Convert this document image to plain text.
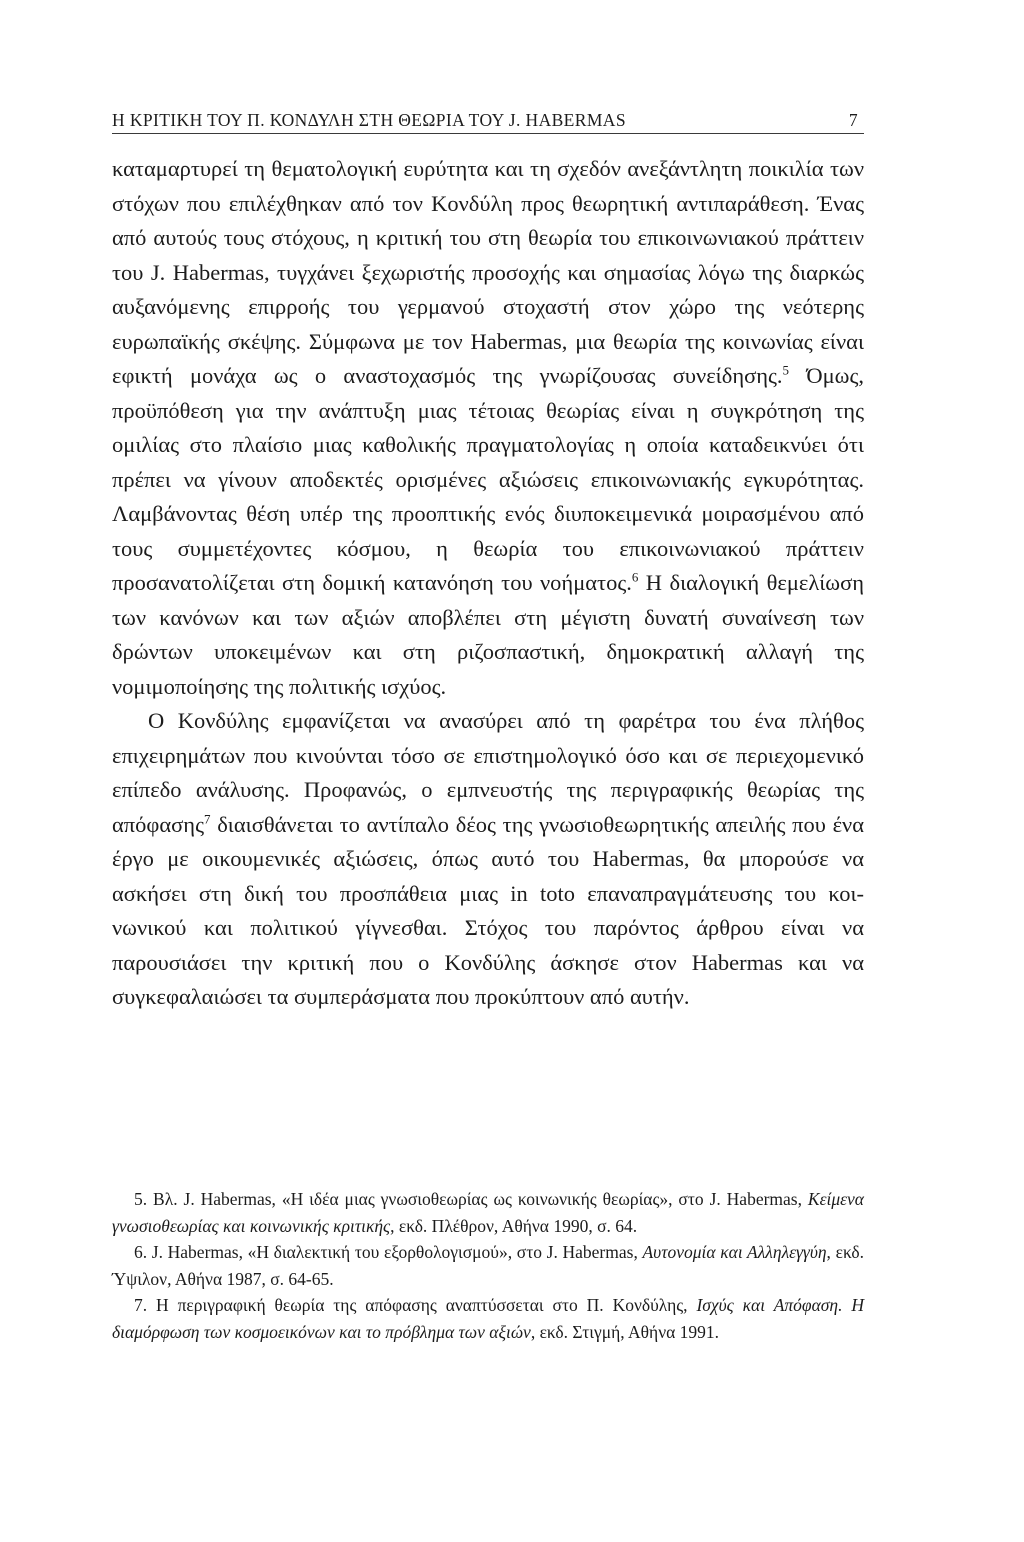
Η ΚΡΙΤΙΚΗ ΤΟΥ Π. ΚΟΝΔΥΛΗ ΣΤΗ ΘΕΩΡΙΑ ΤΟΥ J. HABERMAS	7

καταμαρτυρεί τη θεματολογική ευρύτητα και τη σχεδόν ανεξάντλητη ποικιλία των στόχων που επιλέχθηκαν από τον Κονδύλη προς θεωρητική αντιπαράθεση. Ένας από αυτούς τους στόχους, η κριτική του στη θεωρία του επικοινωνιακού πράττειν του J. Habermas, τυγχάνει ξεχωριστής προσοχής και σημασίας λόγω της διαρκώς αυξανόμενης επιρροής του γερμανού στοχαστή στον χώρο της νεότερης ευρωπαϊκής σκέψης. Σύμφωνα με τον Habermas, μια θεωρία της κοινωνίας είναι εφικτή μονάχα ως ο αναστοχασμός της γνωρίζουσας συνείδησης.$^5$ Όμως, προϋπόθεση για την ανάπτυξη μιας τέτοιας θεωρίας είναι η συγκρότηση της ομιλίας στο πλαίσιο μιας καθολικής πραγματολογίας η οποία καταδεικνύει ότι πρέπει να γίνουν αποδεκτές ορισμένες αξιώσεις επικοινωνιακής εγκυρότητας. Λαμβάνοντας θέση υπέρ της προοπτικής ενός διυποκειμενικά μοιρασμένου από τους συμμετέχοντες κόσμου, η θεωρία του επικοινωνιακού πράττειν προσανατολίζεται στη δομική κατανόηση του νοήματος.$^6$ Η διαλογική θεμελίωση των κανόνων και των αξιών αποβλέπει στη μέγιστη δυνατή συναίνεση των δρώντων υποκειμένων και στη ριζοσπαστική, δημοκρατική αλλαγή της νομιμοποίησης της πολιτικής ισχύος.

Ο Κονδύλης εμφανίζεται να ανασύρει από τη φαρέτρα του ένα πλήθος επιχειρημάτων που κινούνται τόσο σε επιστημολογικό όσο και σε περιεχομενικό επίπεδο ανάλυσης. Προφανώς, ο εμπνευστής της περιγραφικής θεωρίας της απόφασης$^7$ διαισθάνεται το αντίπαλο δέος της γνωσιοθεωρητικής απειλής που ένα έργο με οικουμενικές αξιώσεις, όπως αυτό του Habermas, θα μπορούσε να ασκήσει στη δική του προσπάθεια μιας in toto επαναπραγμάτευσης του κοινωνικού και πολιτικού γίγνεσθαι. Στόχος του παρόντος άρθρου είναι να παρουσιάσει την κριτική που ο Κονδύλης άσκησε στον Habermas και να συγκεφαλαιώσει τα συμπεράσματα που προκύπτουν από αυτήν.

5. Βλ. J. Habermas, «Η ιδέα μιας γνωσιοθεωρίας ως κοινωνικής θεωρίας», στο J. Habermas, Κείμενα γνωσιοθεωρίας και κοινωνικής κριτικής, εκδ. Πλέθρον, Αθήνα 1990, σ. 64.

6. J. Habermas, «Η διαλεκτική του εξορθολογισμού», στο J. Habermas, Αυτονομία και Αλληλεγγύη, εκδ. Ύψιλον, Αθήνα 1987, σ. 64-65.

7. Η περιγραφική θεωρία της απόφασης αναπτύσσεται στο Π. Κονδύλης, Ισχύς και Απόφαση. Η διαμόρφωση των κοσμοεικόνων και το πρόβλημα των αξιών, εκδ. Στιγμή, Αθήνα 1991.
